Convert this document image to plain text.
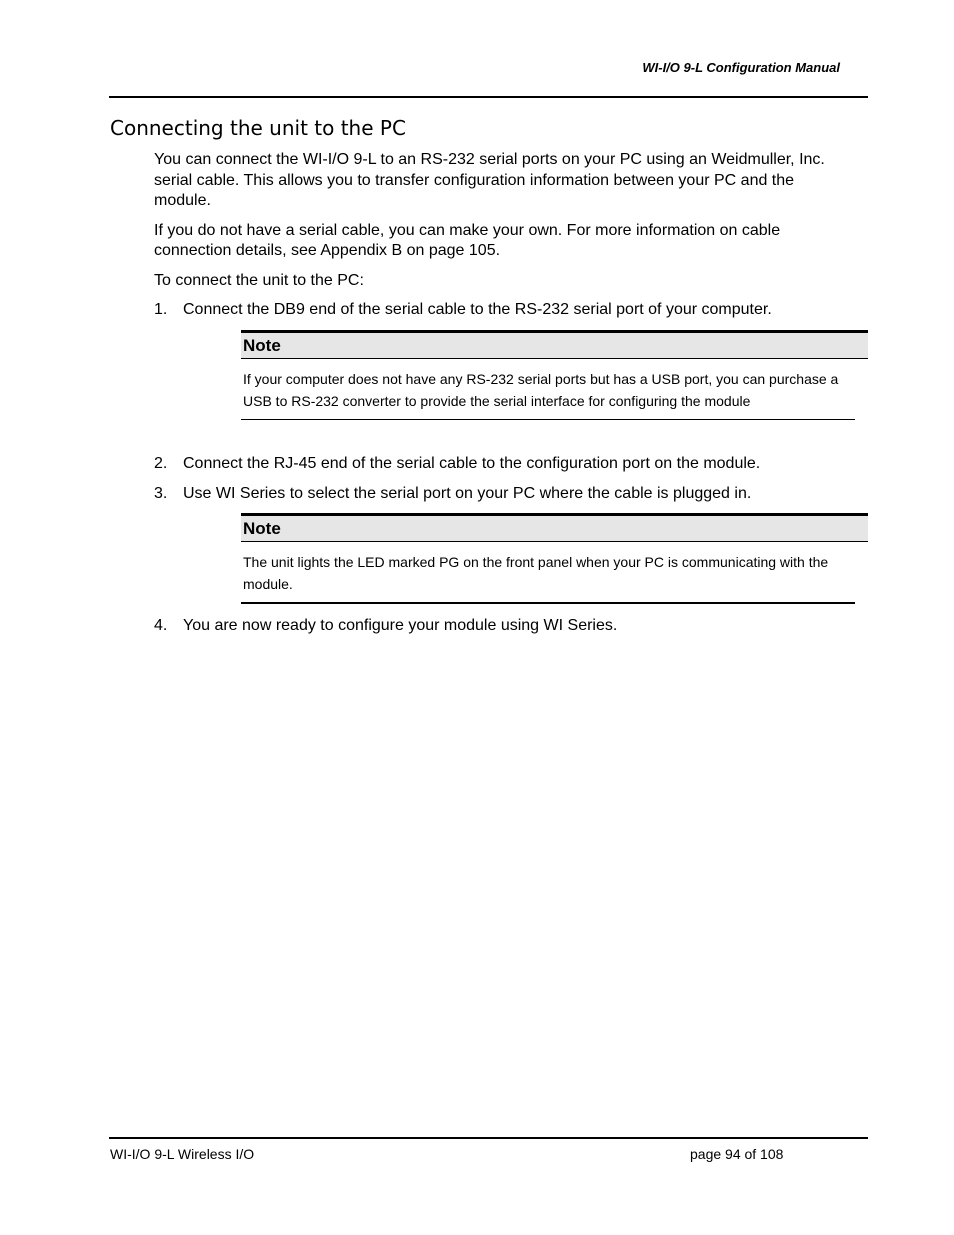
WI-I/O 9-L Configuration Manual
Connecting the unit to the PC

You can connect the WI-I/O 9-L to an RS-232 serial ports on your PC using an Weidmuller, Inc. serial cable. This allows you to transfer configuration information between your PC and the module.

If you do not have a serial cable, you can make your own. For more information on cable connection details, see Appendix B on page 105.

To connect the unit to the PC:

1. Connect the DB9 end of the serial cable to the RS-232 serial port of your computer.
Note
If your computer does not have any RS-232 serial ports but has a USB port, you can purchase a USB to RS-232 converter to provide the serial interface for configuring the module
2. Connect the RJ-45 end of the serial cable to the configuration port on the module.
3. Use WI Series to select the serial port on your PC where the cable is plugged in.
Note
The unit lights the LED marked PG on the front panel when your PC is communicating with the module.
4. You are now ready to configure your module using WI Series.
WI-I/O 9-L Wireless I/O	page 94 of 108
